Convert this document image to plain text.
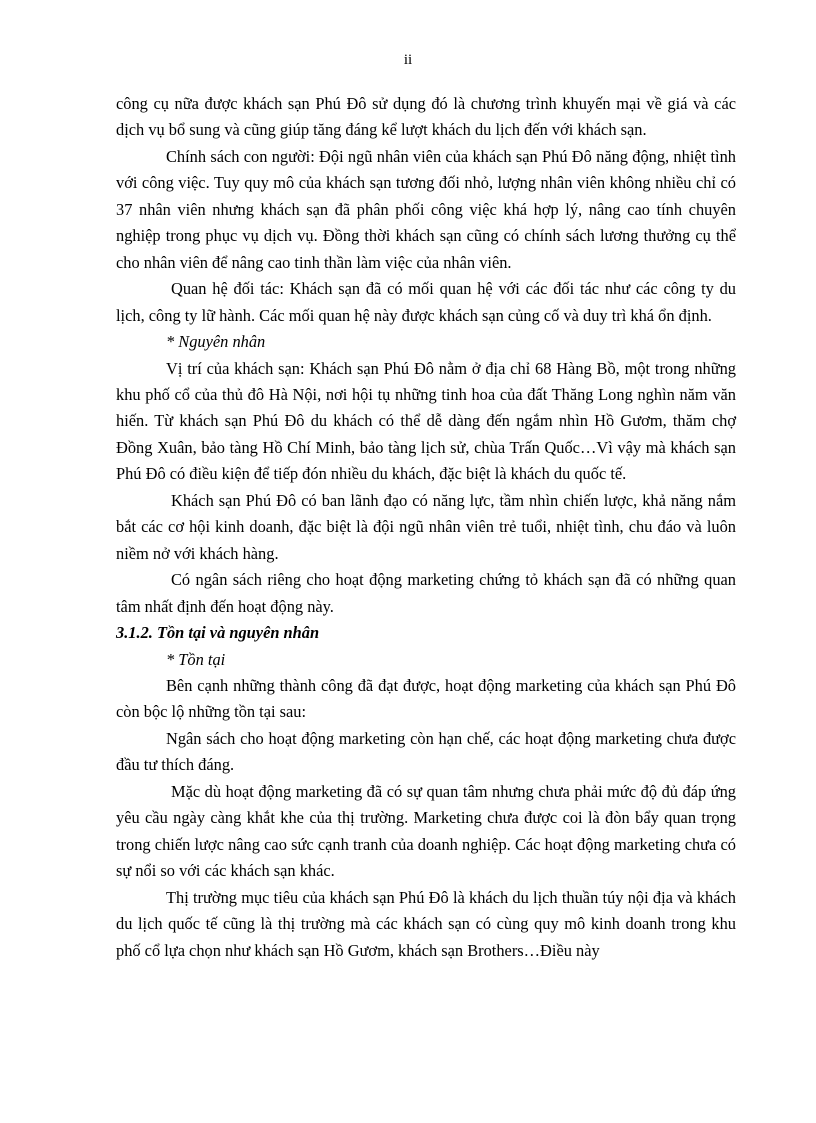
ii

công cụ nữa được khách sạn Phú Đô sử dụng đó là chương trình khuyến mại về giá và các dịch vụ bổ sung và cũng giúp tăng đáng kể lượt khách du lịch đến với khách sạn.

Chính sách con người: Đội ngũ nhân viên của khách sạn Phú Đô năng động, nhiệt tình với công việc. Tuy quy mô của khách sạn tương đối nhỏ, lượng nhân viên không nhiều chỉ có 37 nhân viên nhưng khách sạn đã phân phối công việc khá hợp lý, nâng cao tính chuyên nghiệp trong phục vụ dịch vụ. Đồng thời khách sạn cũng có chính sách lương thưởng cụ thể cho nhân viên để nâng cao tinh thần làm việc của nhân viên.

Quan hệ đối tác: Khách sạn đã có mối quan hệ với các đối tác như các công ty du lịch, công ty lữ hành. Các mối quan hệ này được khách sạn củng cố và duy trì khá ổn định.

* Nguyên nhân

Vị trí của khách sạn: Khách sạn Phú Đô nằm ở địa chỉ 68 Hàng Bồ, một trong những khu phố cổ của thủ đô Hà Nội, nơi hội tụ những tinh hoa của đất Thăng Long nghìn năm văn hiến. Từ khách sạn Phú Đô du khách có thể dễ dàng đến ngắm nhìn Hồ Gươm, thăm chợ Đồng Xuân, bảo tàng Hồ Chí Minh, bảo tàng lịch sử, chùa Trấn Quốc…Vì vậy mà khách sạn Phú Đô có điều kiện để tiếp đón nhiều du khách, đặc biệt là khách du quốc tế.

Khách sạn Phú Đô có ban lãnh đạo có năng lực, tầm nhìn chiến lược, khả năng nắm bắt các cơ hội kinh doanh, đặc biệt là đội ngũ nhân viên trẻ tuổi, nhiệt tình, chu đáo và luôn niềm nở với khách hàng.

Có ngân sách riêng cho hoạt động marketing chứng tỏ khách sạn đã có những quan tâm nhất định đến hoạt động này.

3.1.2. Tồn tại và nguyên nhân

* Tồn tại

Bên cạnh những thành công đã đạt được, hoạt động marketing của khách sạn Phú Đô còn bộc lộ những tồn tại sau:

Ngân sách cho hoạt động marketing còn hạn chế, các hoạt động marketing chưa được đầu tư thích đáng.

Mặc dù hoạt động marketing đã có sự quan tâm nhưng chưa phải mức độ đủ đáp ứng yêu cầu ngày càng khắt khe của thị trường. Marketing chưa được coi là đòn bẩy quan trọng trong chiến lược nâng cao sức cạnh tranh của doanh nghiệp. Các hoạt động marketing chưa có sự nổi so với các khách sạn khác.

Thị trường mục tiêu của khách sạn Phú Đô là khách du lịch thuần túy nội địa và khách du lịch quốc tế cũng là thị trường mà các khách sạn có cùng quy mô kinh doanh trong khu phố cổ lựa chọn như khách sạn Hồ Gươm, khách sạn Brothers…Điều này
